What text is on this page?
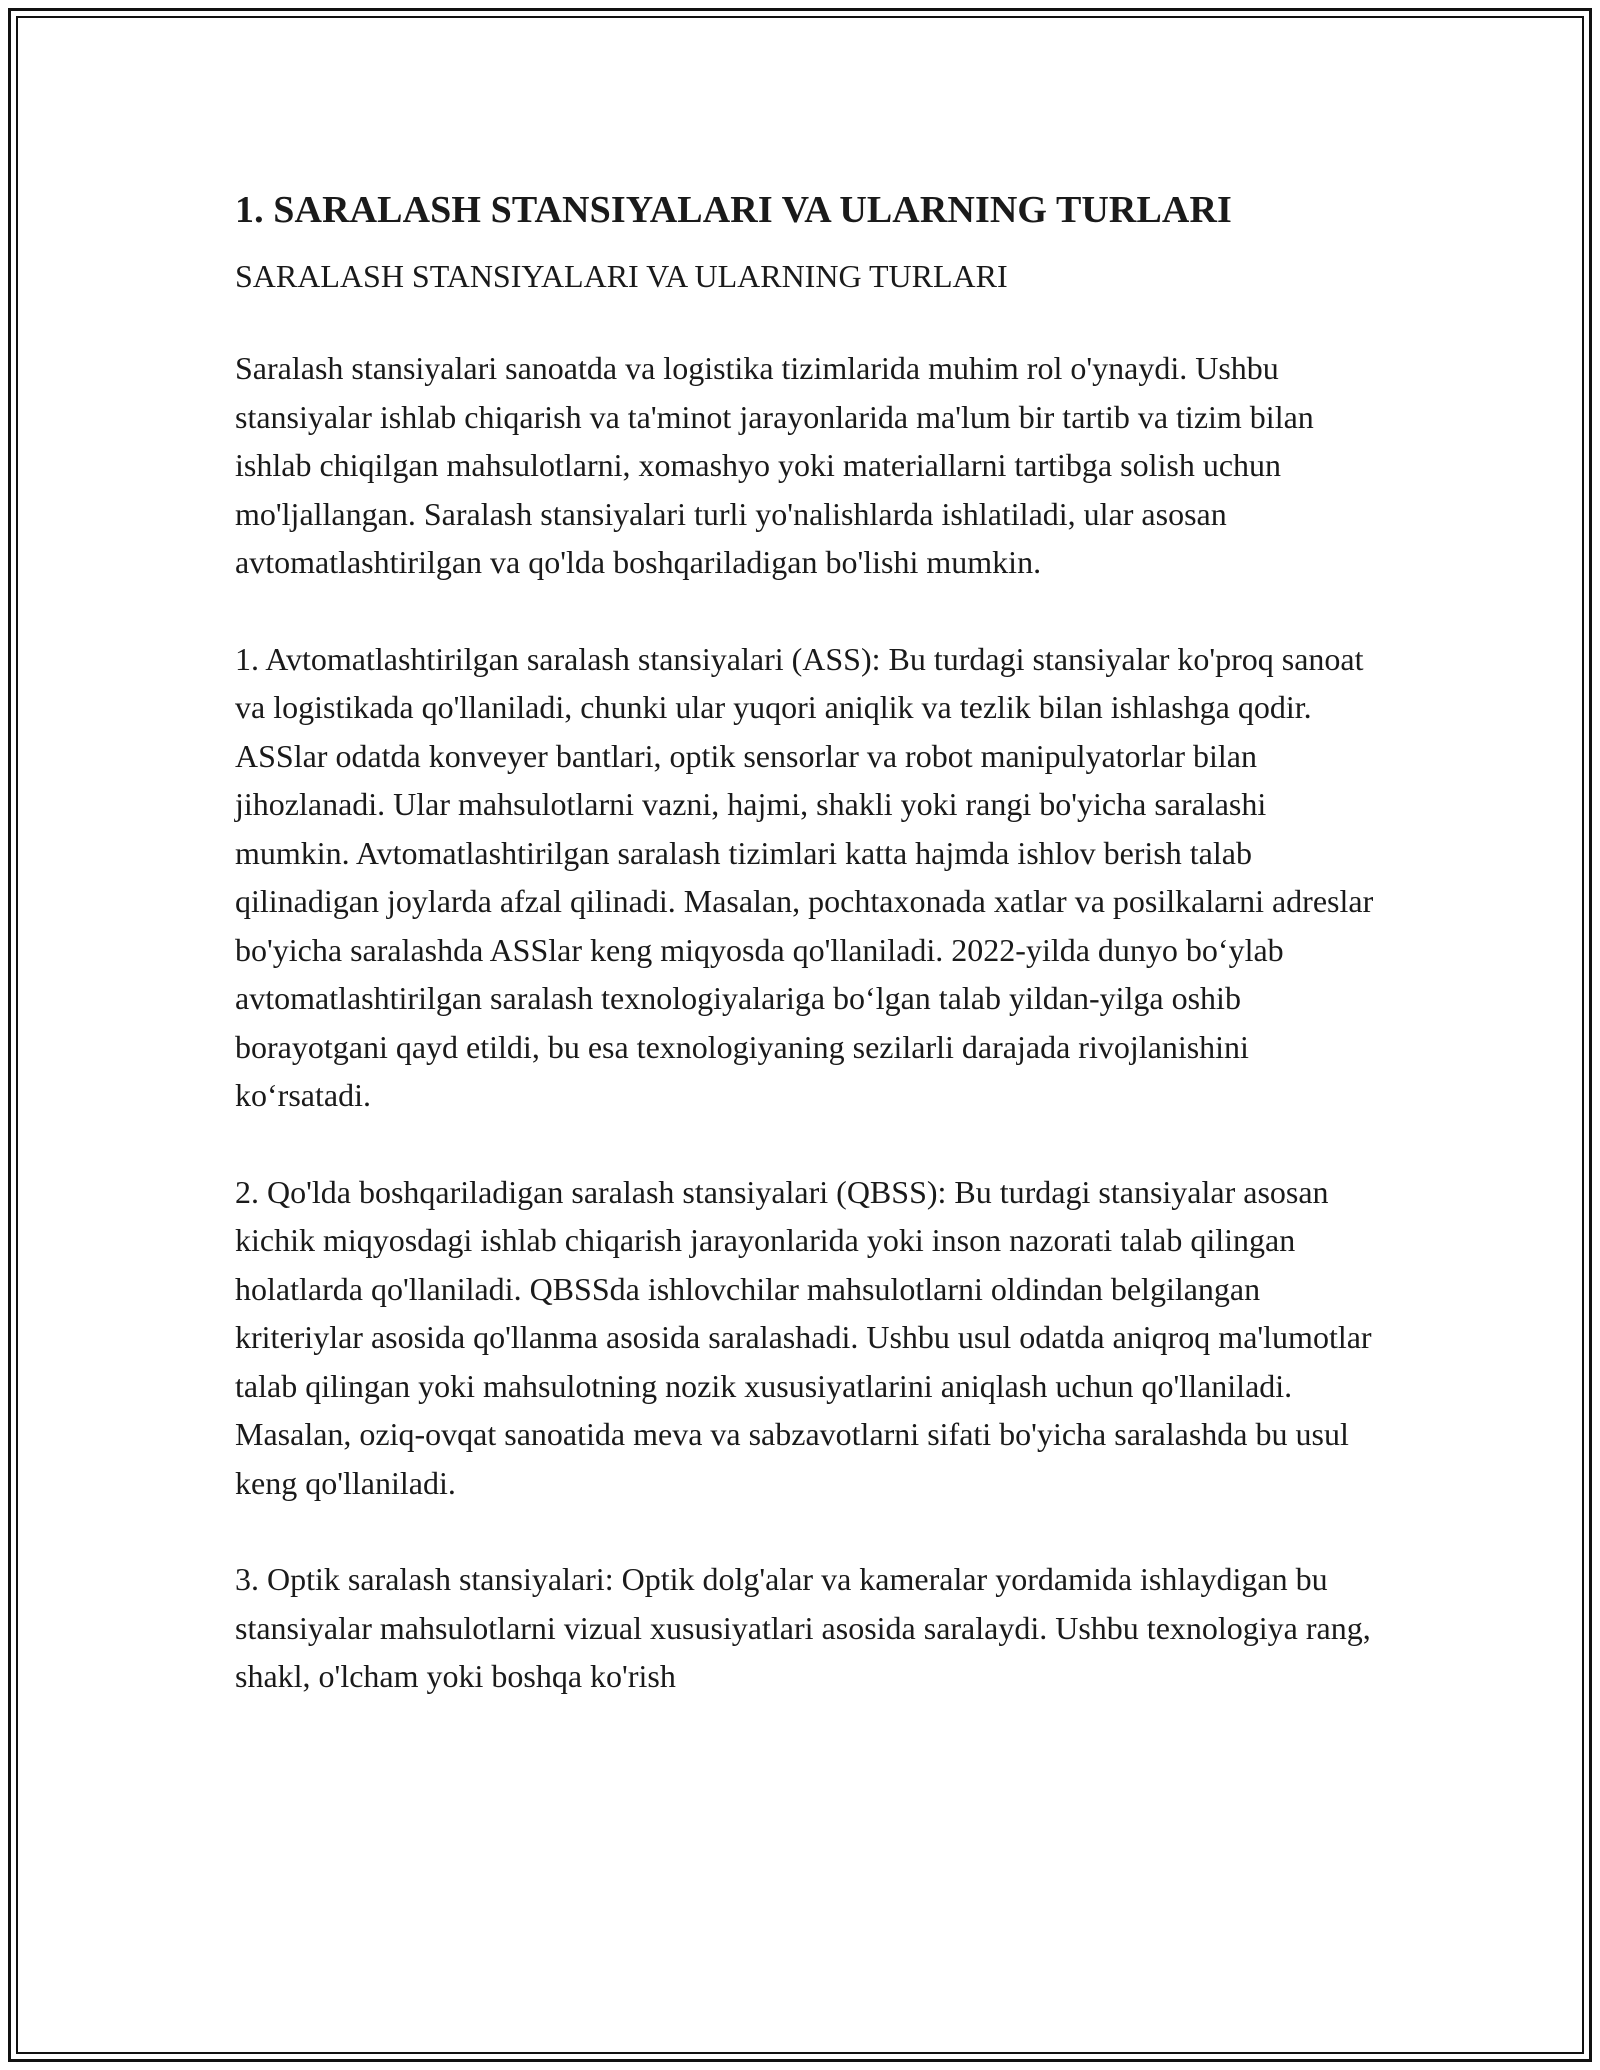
1. SARALASH STANSIYALARI VA ULARNING TURLARI

SARALASH STANSIYALARI VA ULARNING TURLARI

Saralash stansiyalari sanoatda va logistika tizimlarida muhim rol o'ynaydi. Ushbu stansiyalar ishlab chiqarish va ta'minot jarayonlarida ma'lum bir tartib va tizim bilan ishlab chiqilgan mahsulotlarni, xomashyo yoki materiallarni tartibga solish uchun mo'ljallangan. Saralash stansiyalari turli yo'nalishlarda ishlatiladi, ular asosan avtomatlashtirilgan va qo'lda boshqariladigan bo'lishi mumkin.

1. Avtomatlashtirilgan saralash stansiyalari (ASS): Bu turdagi stansiyalar ko'proq sanoat va logistikada qo'llaniladi, chunki ular yuqori aniqlik va tezlik bilan ishlashga qodir. ASSlar odatda konveyer bantlari, optik sensorlar va robot manipulyatorlar bilan jihozlanadi. Ular mahsulotlarni vazni, hajmi, shakli yoki rangi bo'yicha saralashi mumkin. Avtomatlashtirilgan saralash tizimlari katta hajmda ishlov berish talab qilinadigan joylarda afzal qilinadi. Masalan, pochtaxonada xatlar va posilkalarni adreslar bo'yicha saralashda ASSlar keng miqyosda qo'llaniladi. 2022-yilda dunyo bo‘ylab avtomatlashtirilgan saralash texnologiyalariga bo‘lgan talab yildan-yilga oshib borayotgani qayd etildi, bu esa texnologiyaning sezilarli darajada rivojlanishini ko‘rsatadi.

2. Qo'lda boshqariladigan saralash stansiyalari (QBSS): Bu turdagi stansiyalar asosan kichik miqyosdagi ishlab chiqarish jarayonlarida yoki inson nazorati talab qilingan holatlarda qo'llaniladi. QBSSda ishlovchilar mahsulotlarni oldindan belgilangan kriteriylar asosida qo'llanma asosida saralashadi. Ushbu usul odatda aniqroq ma'lumotlar talab qilingan yoki mahsulotning nozik xususiyatlarini aniqlash uchun qo'llaniladi. Masalan, oziq-ovqat sanoatida meva va sabzavotlarni sifati bo'yicha saralashda bu usul keng qo'llaniladi.

3. Optik saralash stansiyalari: Optik dolg'alar va kameralar yordamida ishlaydigan bu stansiyalar mahsulotlarni vizual xususiyatlari asosida saralaydi. Ushbu texnologiya rang, shakl, o'lcham yoki boshqa ko'rish
